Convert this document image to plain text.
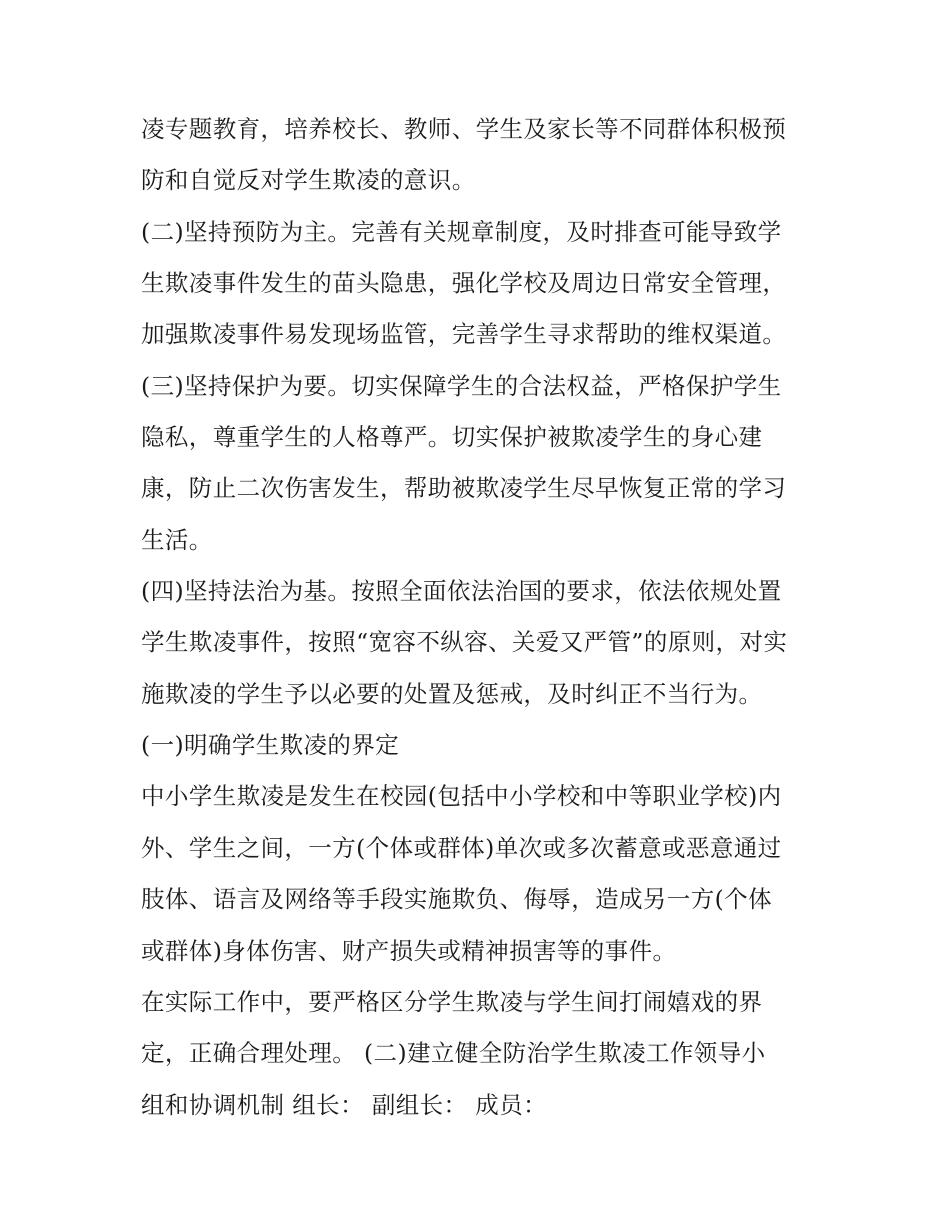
凌专题教育，培养校长、教师、学生及家长等不同群体积极预
防和自觉反对学生欺凌的意识。
(二)坚持预防为主。完善有关规章制度，及时排查可能导致学
生欺凌事件发生的苗头隐患，强化学校及周边日常安全管理，
加强欺凌事件易发现场监管，完善学生寻求帮助的维权渠道。
(三)坚持保护为要。切实保障学生的合法权益，严格保护学生
隐私，尊重学生的人格尊严。切实保护被欺凌学生的身心建
康，防止二次伤害发生，帮助被欺凌学生尽早恢复正常的学习
生活。
(四)坚持法治为基。按照全面依法治国的要求，依法依规处置
学生欺凌事件，按照“宽容不纵容、关爱又严管”的原则，对实
施欺凌的学生予以必要的处置及惩戒，及时纠正不当行为。
(一)明确学生欺凌的界定
中小学生欺凌是发生在校园(包括中小学校和中等职业学校)内
外、学生之间，一方(个体或群体)单次或多次蓄意或恶意通过
肢体、语言及网络等手段实施欺负、侮辱，造成另一方(个体
或群体)身体伤害、财产损失或精神损害等的事件。
在实际工作中，要严格区分学生欺凌与学生间打闹嬉戏的界
定，正确合理处理。 (二)建立健全防治学生欺凌工作领导小
组和协调机制 组长： 副组长： 成员：
